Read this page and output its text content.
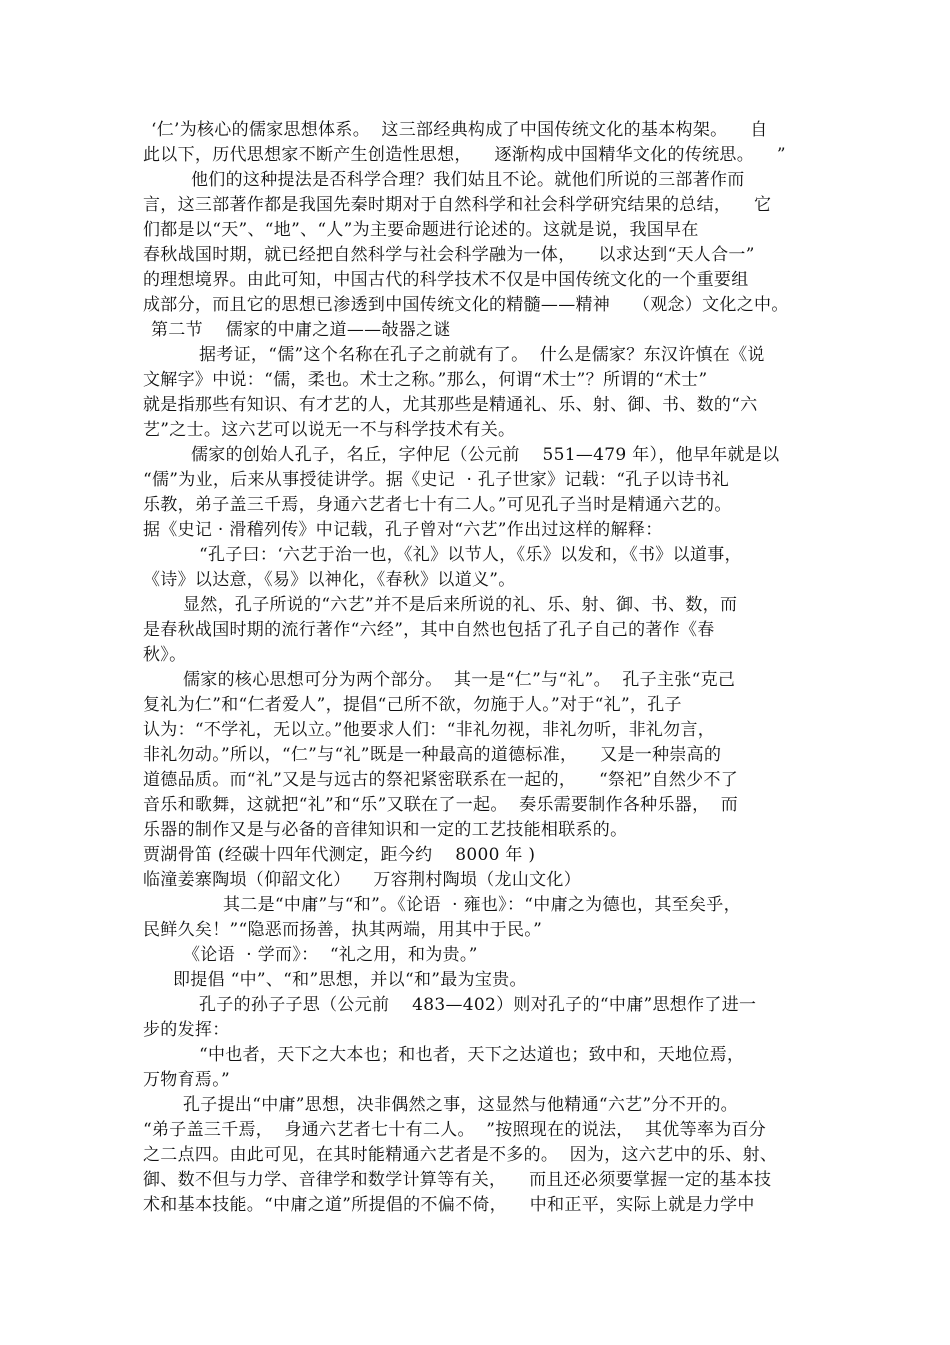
‘仁’为核心的儒家思想体系。  这三部经典构成了中国传统文化的基本构架。    自
此以下，历代思想家不断产生创造性思想，    逐渐构成中国精华文化的传统思。    ”
他们的这种提法是否科学合理？我们姑且不论。就他们所说的三部著作而
言，这三部著作都是我国先秦时期对于自然科学和社会科学研究结果的总结，    它
们都是以“天”、“地”、“人”为主要命题进行论述的。这就是说，我国早在
春秋战国时期，就已经把自然科学与社会科学融为一体，    以求达到“天人合一”
的理想境界。由此可知，中国古代的科学技术不仅是中国传统文化的一个重要组
成部分，而且它的思想已渗透到中国传统文化的精髓——精神    （观念）文化之中。
第二节    儒家的中庸之道——敧器之谜
据考证，“儒”这个名称在孔子之前就有了。  什么是儒家？东汉许慎在《说
文解字》中说：“儒，柔也。术士之称。”那么，何谓“术士”？所谓的“术士”
就是指那些有知识、有才艺的人，尤其那些是精通礼、乐、射、御、书、数的“六
艺”之士。这六艺可以说无一不与科学技术有关。
儒家的创始人孔子，名丘，字仲尼（公元前    551—479 年），他早年就是以
“儒”为业，后来从事授徒讲学。据《史记  · 孔子世家》记载：“孔子以诗书礼
乐教，弟子盖三千焉，身通六艺者七十有二人。”可见孔子当时是精通六艺的。
据《史记 · 滑稽列传》中记载，孔子曾对“六艺”作出过这样的解释：
“孔子曰：‘六艺于治一也，《礼》以节人，《乐》以发和，《书》以道事，
《诗》以达意，《易》以神化，《春秋》以道义”。
显然，孔子所说的“六艺”并不是后来所说的礼、乐、射、御、书、数，而
是春秋战国时期的流行著作“六经”，其中自然也包括了孔子自己的著作《春
秋》。
儒家的核心思想可分为两个部分。  其一是“仁”与“礼”。  孔子主张“克己
复礼为仁”和“仁者爱人”，提倡“己所不欲，勿施于人。”对于“礼”，孔子
认为：“不学礼，无以立。”他要求人们：“非礼勿视，非礼勿听，非礼勿言，
非礼勿动。”所以，“仁”与“礼”既是一种最高的道德标准，    又是一种崇高的
道德品质。而“礼”又是与远古的祭祀紧密联系在一起的，    “祭祀”自然少不了
音乐和歌舞，这就把“礼”和“乐”又联在了一起。  奏乐需要制作各种乐器，  而
乐器的制作又是与必备的音律知识和一定的工艺技能相联系的。
贾湖骨笛 (经碳十四年代测定，距今约    8000 年 )
临潼姜寨陶埙（仰韶文化）    万容荆村陶埙（龙山文化）
其二是“中庸”与“和”。《论语  · 雍也》：“中庸之为德也，其至矣乎，
民鲜久矣！”“隐恶而扬善，执其两端，用其中于民。”
《论语  · 学而》：  “礼之用，和为贵。”
即提倡 “中”、“和”思想，并以“和”最为宝贵。
孔子的孙子子思（公元前    483—402）则对孔子的“中庸”思想作了进一
步的发挥：
“中也者，天下之大本也；和也者，天下之达道也；致中和，天地位焉，
万物育焉。”
孔子提出“中庸”思想，决非偶然之事，这显然与他精通“六艺”分不开的。
“弟子盖三千焉，  身通六艺者七十有二人。  ”按照现在的说法，  其优等率为百分
之二点四。由此可见，在其时能精通六艺者是不多的。  因为，这六艺中的乐、射、
御、数不但与力学、音律学和数学计算等有关，    而且还必须要掌握一定的基本技
术和基本技能。“中庸之道”所提倡的不偏不倚，    中和正平，实际上就是力学中
